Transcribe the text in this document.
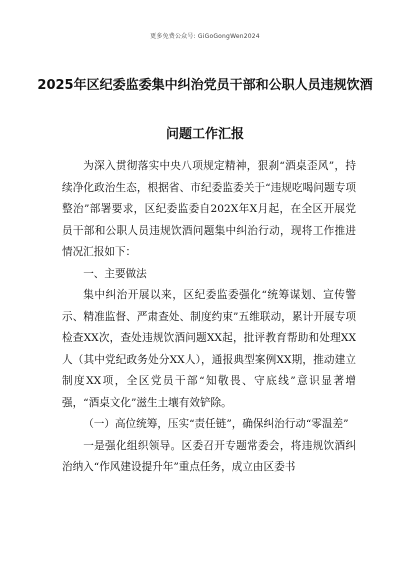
更多免费公众号: GiGoGongWen2024
2025年区纪委监委集中纠治党员干部和公职人员违规饮酒
问题工作汇报

为深入贯彻落实中央八项规定精神，狠刹“酒桌歪风”，持续净化政治生态，根据省、市纪委监委关于“违规吃喝问题专项整治”部署要求，区纪委监委自202X年X月起，在全区开展党员干部和公职人员违规饮酒问题集中纠治行动，现将工作推进情况汇报如下：

一、主要做法

集中纠治开展以来，区纪委监委强化“统筹谋划、宣传警示、精准监督、严肃查处、制度约束”五维联动，累计开展专项检查XX次，查处违规饮酒问题XX起，批评教育帮助和处理XX人（其中党纪政务处分XX人），通报典型案例XX期，推动建立制度XX项，全区党员干部“知敬畏、守底线”意识显著增强，“酒桌文化”滋生土壤有效铲除。

（一）高位统筹，压实“责任链”，确保纠治行动“零温差”

一是强化组织领导。区委召开专题常委会，将违规饮酒纠治纳入“作风建设提升年”重点任务，成立由区委书
